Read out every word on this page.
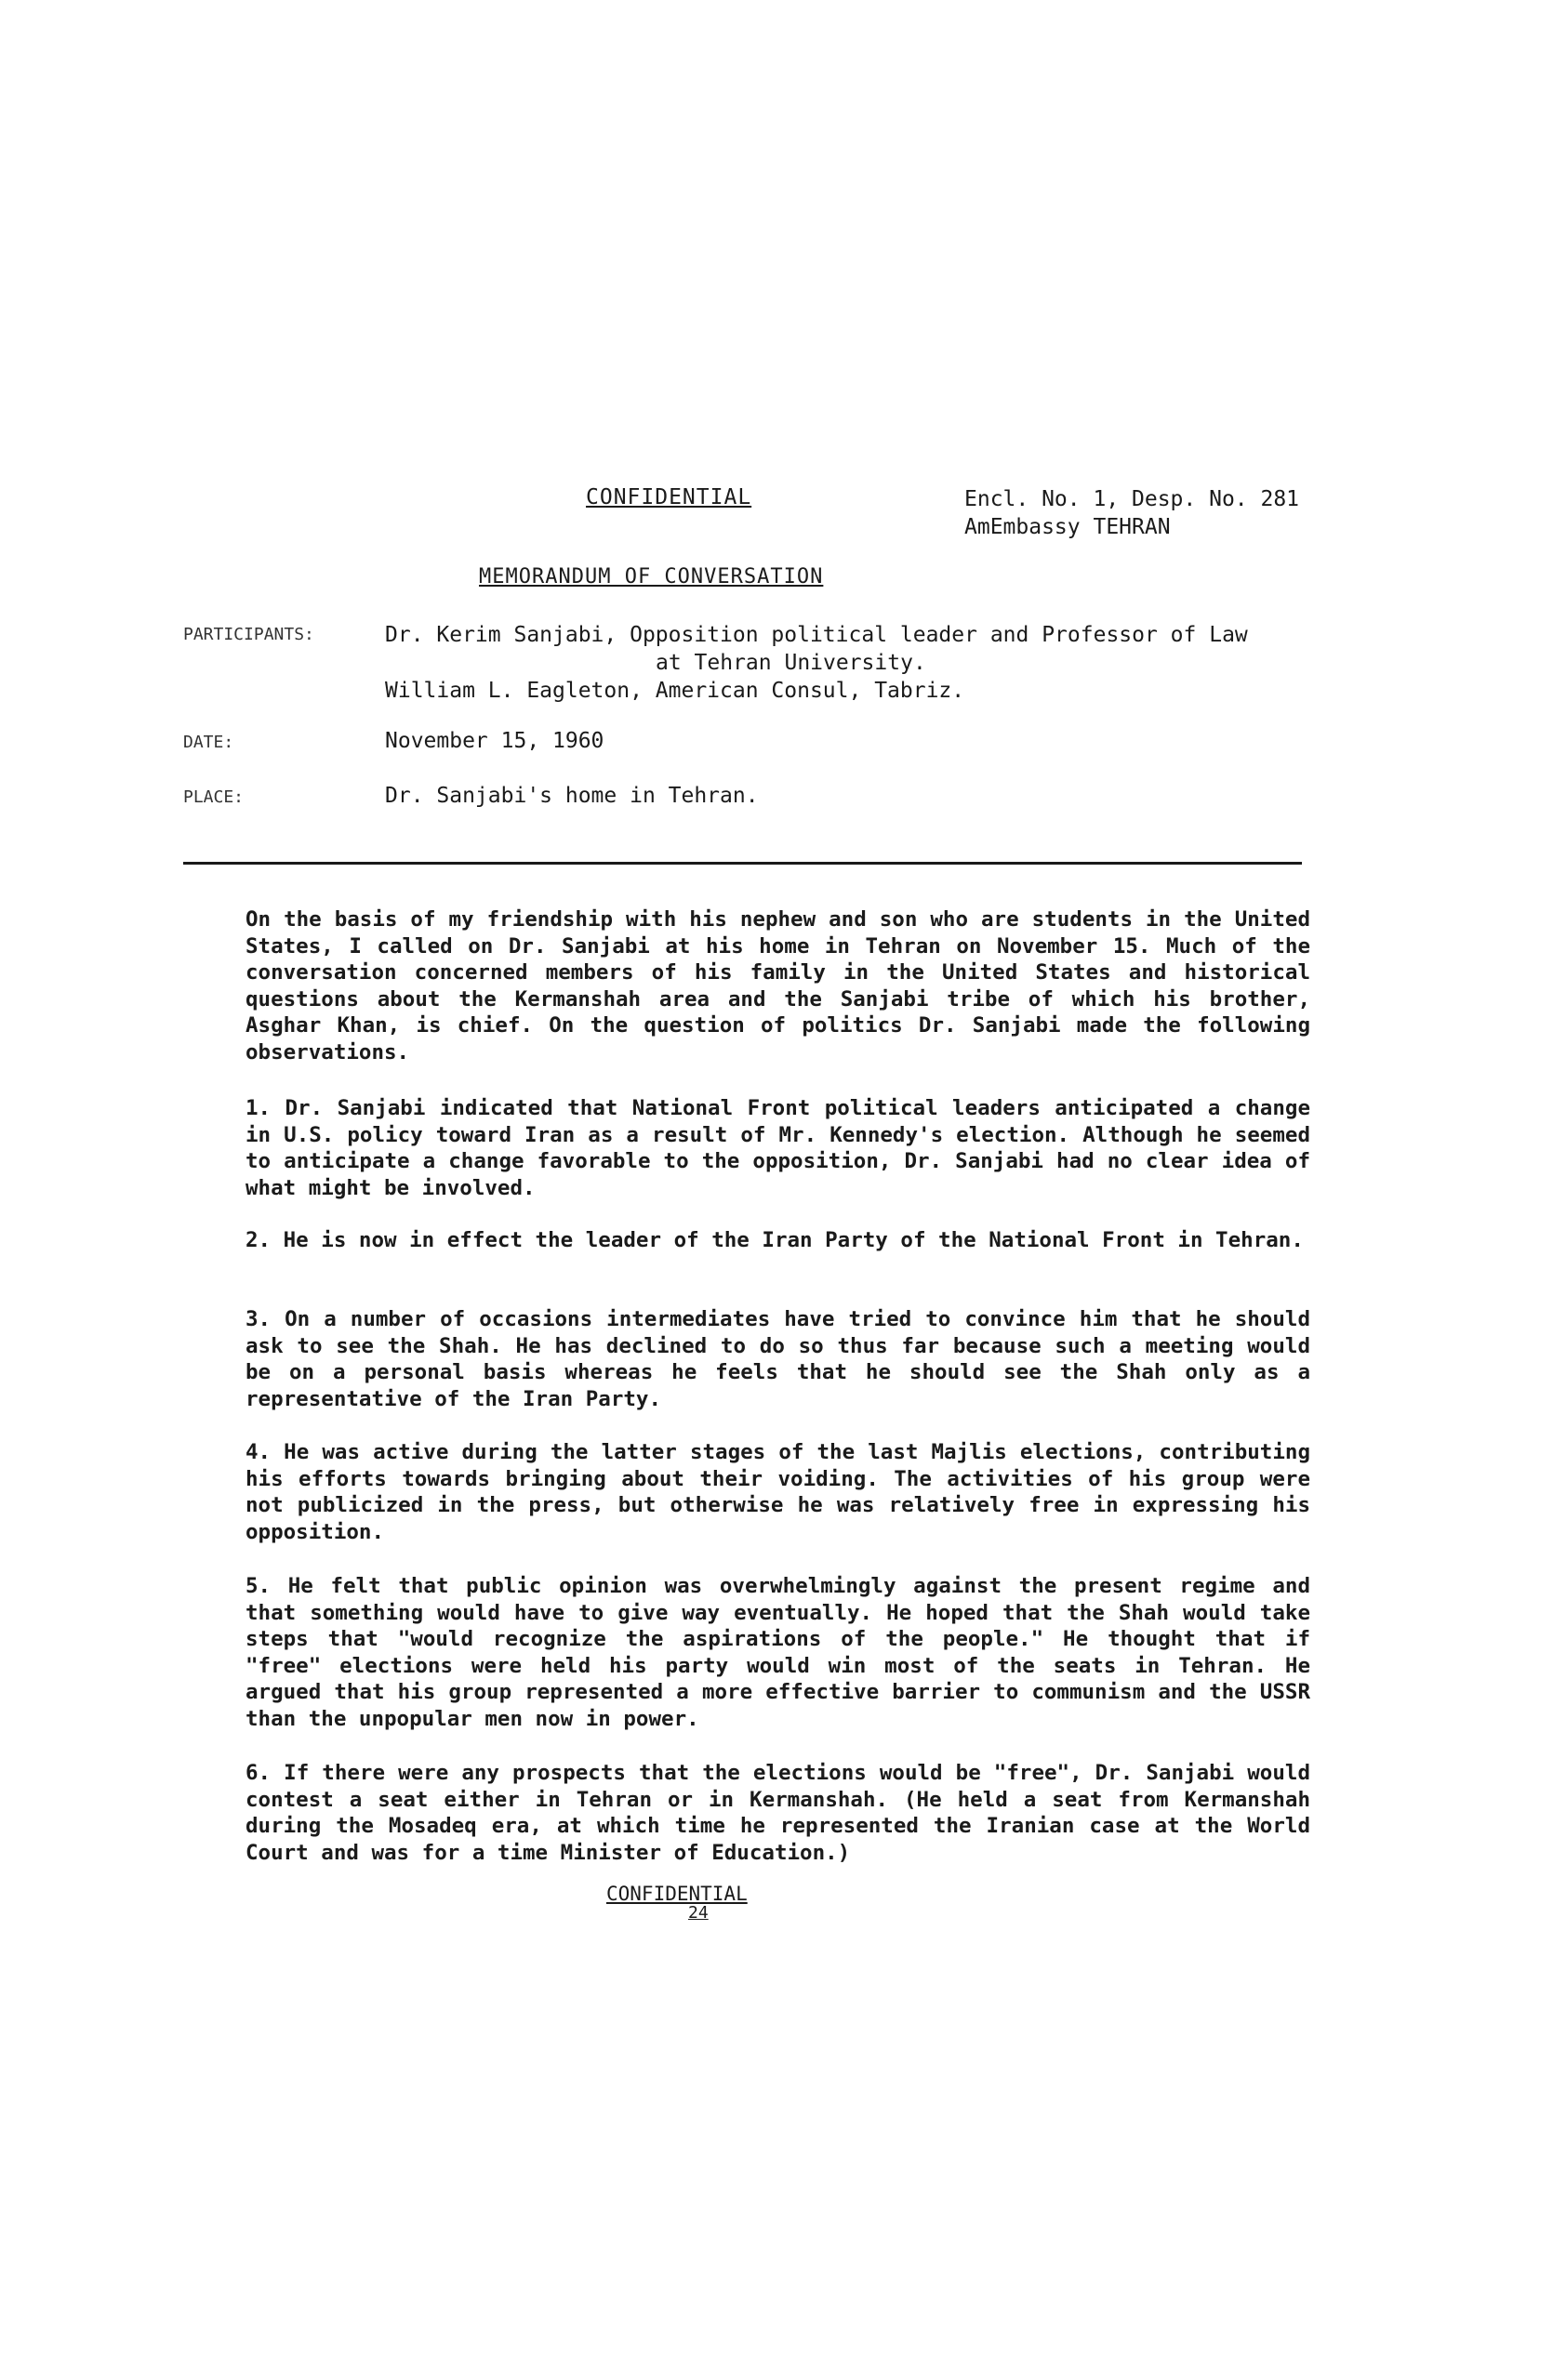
CONFIDENTIAL	Encl. No. 1, Desp. No. 281
AmEmbassy TEHRAN
MEMORANDUM OF CONVERSATION
PARTICIPANTS:	Dr. Kerim Sanjabi, Opposition political leader and Professor of Law
at Tehran University.
William L. Eagleton, American Consul, Tabriz.
DATE:	November 15, 1960
PLACE:	Dr. Sanjabi's home in Tehran.
On the basis of my friendship with his nephew and son who are students in the United States, I called on Dr. Sanjabi at his home in Tehran on November 15. Much of the conversation concerned members of his family in the United States and historical questions about the Kermanshah area and the Sanjabi tribe of which his brother, Asghar Khan, is chief. On the question of politics Dr. Sanjabi made the following observations.
1. Dr. Sanjabi indicated that National Front political leaders anticipated a change in U.S. policy toward Iran as a result of Mr. Kennedy's election. Although he seemed to anticipate a change favorable to the opposition, Dr. Sanjabi had no clear idea of what might be involved.
2. He is now in effect the leader of the Iran Party of the National Front in Tehran.
3. On a number of occasions intermediates have tried to convince him that he should ask to see the Shah. He has declined to do so thus far because such a meeting would be on a personal basis whereas he feels that he should see the Shah only as a representative of the Iran Party.
4. He was active during the latter stages of the last Majlis elections, contributing his efforts towards bringing about their voiding. The activities of his group were not publicized in the press, but otherwise he was relatively free in expressing his opposition.
5. He felt that public opinion was overwhelmingly against the present regime and that something would have to give way eventually. He hoped that the Shah would take steps that "would recognize the aspirations of the people." He thought that if "free" elections were held his party would win most of the seats in Tehran. He argued that his group represented a more effective barrier to communism and the USSR than the unpopular men now in power.
6. If there were any prospects that the elections would be "free", Dr. Sanjabi would contest a seat either in Tehran or in Kermanshah. (He held a seat from Kermanshah during the Mosadeq era, at which time he represented the Iranian case at the World Court and was for a time Minister of Education.)
CONFIDENTIAL
24
